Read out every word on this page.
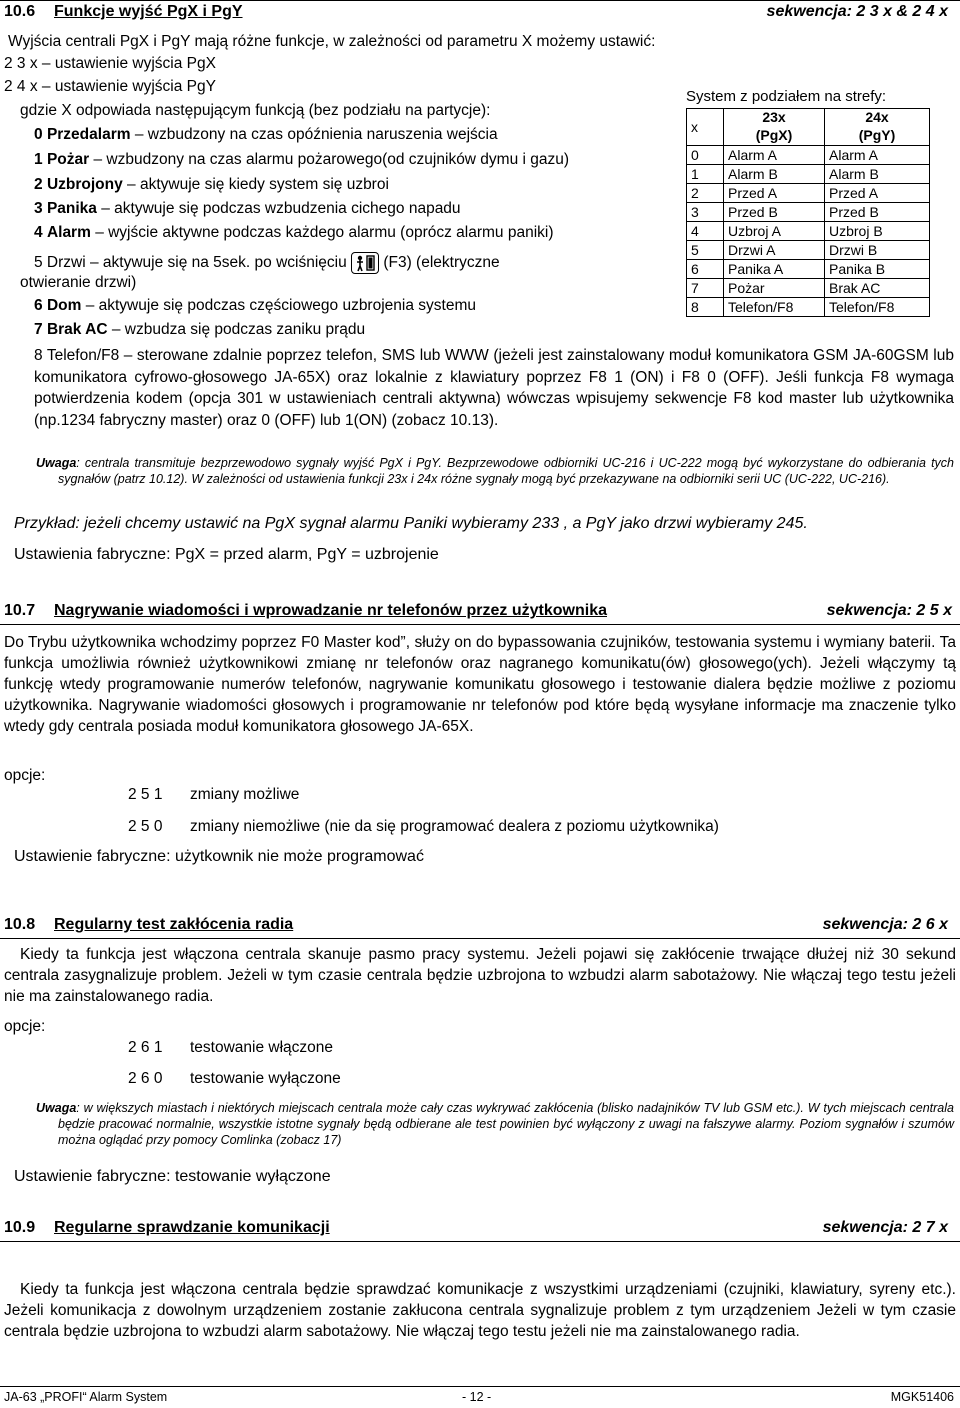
10.6 Funkcje wyjść PgX i PgY	sekwencja: 2 3 x & 2 4 x
Wyjścia centrali PgX i PgY mają różne funkcje, w zależności od parametru X możemy ustawić:
2 3 x – ustawienie wyjścia PgX
2 4 x – ustawienie wyjścia PgY
gdzie X odpowiada następującym funkcją (bez podziału na partycje):
0 Przedalarm – wzbudzony na czas opóźnienia naruszenia wejścia
1 Pożar – wzbudzony na czas alarmu pożarowego(od czujników dymu i gazu)
2 Uzbrojony – aktywuje się kiedy system się uzbroi
3 Panika – aktywuje się podczas wzbudzenia cichego napadu
4 Alarm – wyjście aktywne podczas każdego alarmu (oprócz alarmu paniki)
5 Drzwi – aktywuje się na 5sek. po wciśnięciu (F3) (elektryczne
otwieranie drzwi)
6 Dom – aktywuje się podczas częściowego uzbrojenia systemu
7 Brak AC – wzbudza się podczas zaniku prądu
8 Telefon/F8 – sterowane zdalnie poprzez telefon, SMS lub WWW (jeżeli jest zainstalowany moduł komunikatora GSM JA-60GSM lub komunikatora cyfrowo-głosowego JA-65X) oraz lokalnie z klawiatury poprzez F8 1 (ON) i F8 0 (OFF). Jeśli funkcja F8 wymaga potwierdzenia kodem (opcja 301 w ustawieniach centrali aktywna) wówczas wpisujemy sekwencje F8 kod master lub użytkownika (np.1234 fabryczny master) oraz 0 (OFF) lub 1(ON) (zobacz 10.13).
System z podziałem na strefy:
x	23x	24x
	(PgX)	(PgY)
0	Alarm A	Alarm A
1	Alarm B	Alarm B
2	Przed A	Przed A
3	Przed B	Przed B
4	Uzbroj A	Uzbroj B
5	Drzwi A	Drzwi B
6	Panika A	Panika B
7	Pożar	Brak AC
8	Telefon/F8	Telefon/F8
Uwaga: centrala transmituje bezprzewodowo sygnały wyjść PgX i PgY. Bezprzewodowe odbiorniki UC-216 i UC-222 mogą być wykorzystane do odbierania tych sygnałów (patrz 10.12). W zależności od ustawienia funkcji 23x i 24x różne sygnały mogą być przekazywane na odbiorniki serii UC (UC-222, UC-216).
Przykład: jeżeli chcemy ustawić na PgX sygnał alarmu Paniki wybieramy 233 , a PgY jako drzwi wybieramy 245.
Ustawienia fabryczne: PgX = przed alarm, PgY = uzbrojenie
10.7 Nagrywanie wiadomości i wprowadzanie nr telefonów przez użytkownika	sekwencja: 2 5 x
Do Trybu użytkownika wchodzimy poprzez F0 Master kod”, służy on do bypassowania czujników, testowania systemu i wymiany baterii. Ta funkcja umożliwia również użytkownikowi zmianę nr telefonów oraz nagranego komunikatu(ów) głosowego(ych). Jeżeli włączymy tą funkcję wtedy programowanie numerów telefonów, nagrywanie komunikatu głosowego i testowanie dialera będzie możliwe z poziomu użytkownika. Nagrywanie wiadomości głosowych i programowanie nr telefonów pod które będą wysyłane informacje ma znaczenie tylko wtedy gdy centrala posiada moduł komunikatora głosowego JA-65X.
opcje:
2 5 1 zmiany możliwe
2 5 0 zmiany niemożliwe (nie da się programować dealera z poziomu użytkownika)
Ustawienie fabryczne: użytkownik nie może programować
10.8 Regularny test zakłócenia radia	sekwencja: 2 6 x
Kiedy ta funkcja jest włączona centrala skanuje pasmo pracy systemu. Jeżeli pojawi się zakłócenie trwające dłużej niż 30 sekund centrala zasygnalizuje problem. Jeżeli w tym czasie centrala będzie uzbrojona to wzbudzi alarm sabotażowy. Nie włączaj tego testu jeżeli nie ma zainstalowanego radia.
opcje:
2 6 1 testowanie włączone
2 6 0 testowanie wyłączone
Uwaga: w większych miastach i niektórych miejscach centrala może cały czas wykrywać zakłócenia (blisko nadajników TV lub GSM etc.). W tych miejscach centrala będzie pracować normalnie, wszystkie istotne sygnały będą odbierane ale test powinien być wyłączony z uwagi na fałszywe alarmy. Poziom sygnałów i szumów można oglądać przy pomocy Comlinka (zobacz 17)
Ustawienie fabryczne: testowanie wyłączone
10.9 Regularne sprawdzanie komunikacji	sekwencja: 2 7 x
Kiedy ta funkcja jest włączona centrala będzie sprawdzać komunikacje z wszystkimi urządzeniami (czujniki, klawiatury, syreny etc.). Jeżeli komunikacja z dowolnym urządzeniem zostanie zakłucona centrala sygnalizuje problem z tym urządzeniem Jeżeli w tym czasie centrala będzie uzbrojona to wzbudzi alarm sabotażowy. Nie włączaj tego testu jeżeli nie ma zainstalowanego radia.
JA-63 „PROFI“ Alarm System	- 12 -	MGK51406
